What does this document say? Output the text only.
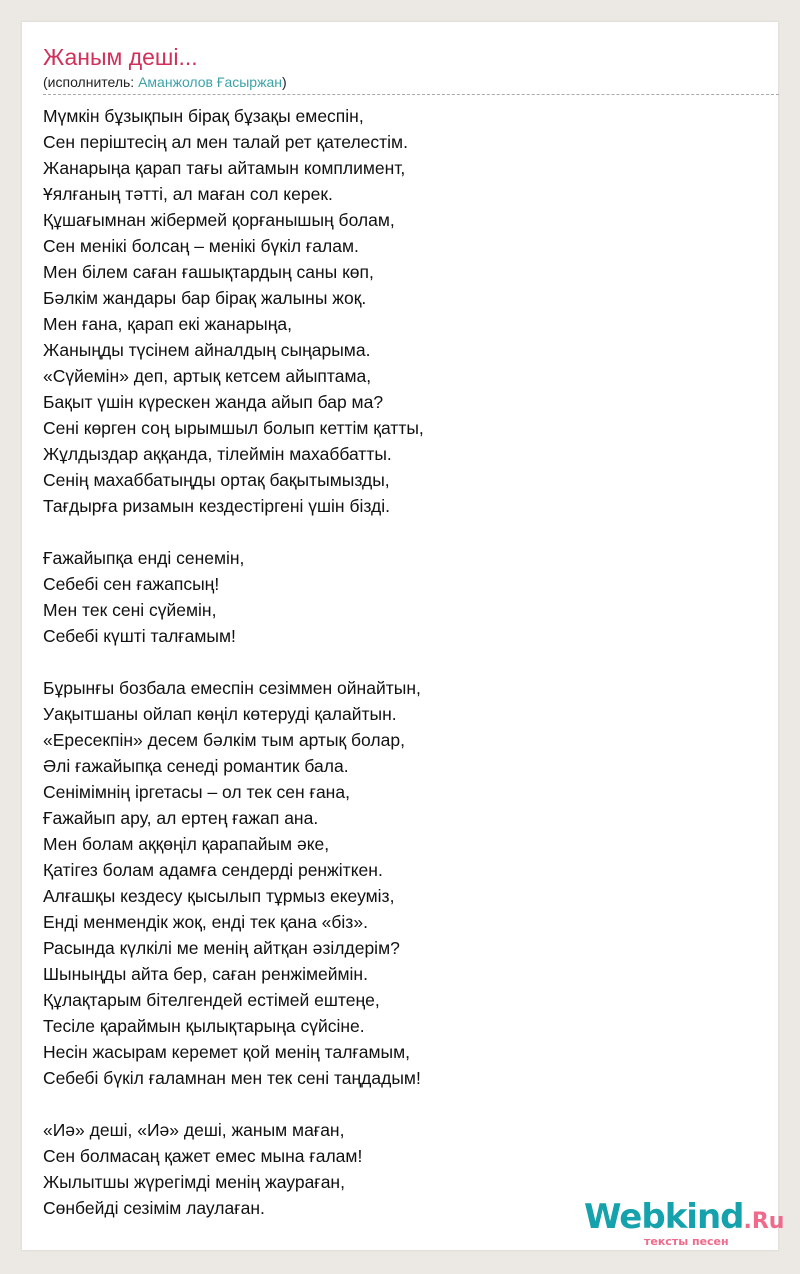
Жаным деші...
(исполнитель: Аманжолов Ғасыржан)
Мүмкін бұзықпын бірақ бұзақы емеспін,
Сен періштесің ал мен талай рет қателестім.
Жанарыңа қарап тағы айтамын комплимент,
Ұялғаның тәтті, ал маған сол керек.
Құшағымнан жібермей қорғанышың болам,
Сен менікі болсаң – менікі бүкіл ғалам.
Мен білем саған ғашықтардың саны көп,
Бәлкім жандары бар бірақ жалыны жоқ.
Мен ғана, қарап екі жанарыңа,
Жаныңды түсінем айналдың сыңарыма.
«Сүйемін» деп, артық кетсем айыптама,
Бақыт үшін күрескен жанда айып бар ма?
Сені көрген соң ырымшыл болып кеттім қатты,
Жұлдыздар аққанда, тілеймін махаббатты.
Сенің махаббатыңды ортақ бақытымызды,
Тағдырға ризамын кездестіргені үшін бізді.
Ғажайыпқа енді сенемін,
Себебі сен ғажапсың!
Мен тек сені сүйемін,
Себебі күшті талғамым!
Бұрынғы бозбала емеспін сезіммен ойнайтын,
Уақытшаны ойлап көңіл көтеруді қалайтын.
«Ересекпін» десем бәлкім тым артық болар,
Әлі ғажайыпқа сенеді романтик бала.
Сенімімнің іргетасы – ол тек сен ғана,
Ғажайып ару, ал ертең ғажап ана.
Мен болам аққөңіл қарапайым әке,
Қатігез болам адамға сендерді ренжіткен.
Алғашқы кездесу қысылып тұрмыз екеуміз,
Енді менмендік жоқ, енді тек қана «біз».
Расында күлкілі ме менің айтқан әзілдерім?
Шыныңды айта бер, саған ренжімеймін.
Құлақтарым бітелгендей естімей ештеңе,
Тесіле қараймын қылықтарыңа сүйсіне.
Несін жасырам керемет қой менің талғамым,
Себебі бүкіл ғаламнан мен тек сені таңдадым!
«Иә» деші, «Иә» деші, жаным маған,
Сен болмасаң қажет емес мына ғалам!
Жылытшы жүрегімді менің жаураған,
Сөнбейді сезімім лаулаған.	Webkind.Ru
тексты песен
